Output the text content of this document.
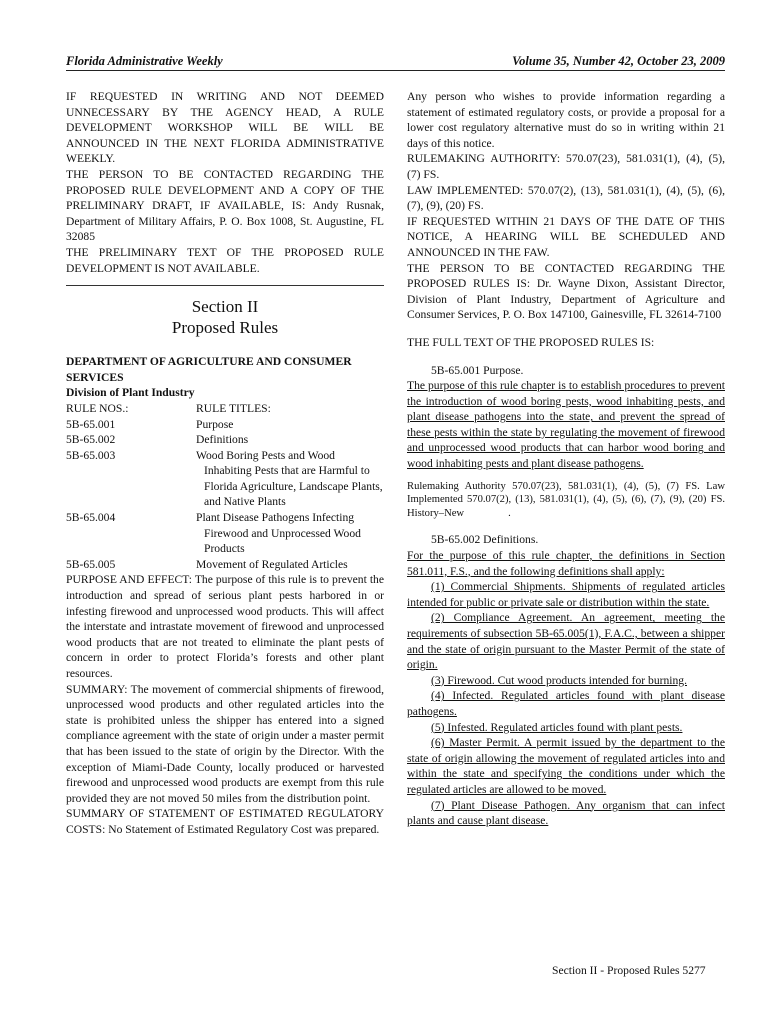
Florida Administrative Weekly	Volume 35, Number 42, October 23, 2009

IF REQUESTED IN WRITING AND NOT DEEMED UNNECESSARY BY THE AGENCY HEAD, A RULE DEVELOPMENT WORKSHOP WILL BE WILL BE ANNOUNCED IN THE NEXT FLORIDA ADMINISTRATIVE WEEKLY.

THE PERSON TO BE CONTACTED REGARDING THE PROPOSED RULE DEVELOPMENT AND A COPY OF THE PRELIMINARY DRAFT, IF AVAILABLE, IS: Andy Rusnak, Department of Military Affairs, P. O. Box 1008, St. Augustine, FL 32085

THE PRELIMINARY TEXT OF THE PROPOSED RULE DEVELOPMENT IS NOT AVAILABLE.

Section II
Proposed Rules

DEPARTMENT OF AGRICULTURE AND CONSUMER SERVICES

Division of Plant Industry

RULE NOS.:	RULE TITLES:
5B-65.001	Purpose
5B-65.002	Definitions
5B-65.003	Wood Boring Pests and Wood Inhabiting Pests that are Harmful to Florida Agriculture, Landscape Plants, and Native Plants
5B-65.004	Plant Disease Pathogens Infecting Firewood and Unprocessed Wood Products
5B-65.005	Movement of Regulated Articles

PURPOSE AND EFFECT: The purpose of this rule is to prevent the introduction and spread of serious plant pests harbored in or infesting firewood and unprocessed wood products. This will affect the interstate and intrastate movement of firewood and unprocessed wood products that are not treated to eliminate the plant pests of concern in order to protect Florida’s forests and other plant resources.

SUMMARY: The movement of commercial shipments of firewood, unprocessed wood products and other regulated articles into the state is prohibited unless the shipper has entered into a signed compliance agreement with the state of origin under a master permit that has been issued to the state of origin by the Director. With the exception of Miami-Dade County, locally produced or harvested firewood and unprocessed wood products are exempt from this rule provided they are not moved 50 miles from the distribution point.

SUMMARY OF STATEMENT OF ESTIMATED REGULATORY COSTS: No Statement of Estimated Regulatory Cost was prepared.

Any person who wishes to provide information regarding a statement of estimated regulatory costs, or provide a proposal for a lower cost regulatory alternative must do so in writing within 21 days of this notice.

RULEMAKING AUTHORITY: 570.07(23), 581.031(1), (4), (5), (7) FS.

LAW IMPLEMENTED: 570.07(2), (13), 581.031(1), (4), (5), (6), (7), (9), (20) FS.

IF REQUESTED WITHIN 21 DAYS OF THE DATE OF THIS NOTICE, A HEARING WILL BE SCHEDULED AND ANNOUNCED IN THE FAW.

THE PERSON TO BE CONTACTED REGARDING THE PROPOSED RULES IS: Dr. Wayne Dixon, Assistant Director, Division of Plant Industry, Department of Agriculture and Consumer Services, P. O. Box 147100, Gainesville, FL 32614-7100

THE FULL TEXT OF THE PROPOSED RULES IS:

5B-65.001 Purpose.

The purpose of this rule chapter is to establish procedures to prevent the introduction of wood boring pests, wood inhabiting pests, and plant disease pathogens into the state, and prevent the spread of these pests within the state by regulating the movement of firewood and unprocessed wood products that can harbor wood boring and wood inhabiting pests and plant disease pathogens.

Rulemaking Authority 570.07(23), 581.031(1), (4), (5), (7) FS. Law Implemented 570.07(2), (13), 581.031(1), (4), (5), (6), (7), (9), (20) FS. History–New	.

5B-65.002 Definitions.

For the purpose of this rule chapter, the definitions in Section 581.011, F.S., and the following definitions shall apply:

(1) Commercial Shipments. Shipments of regulated articles intended for public or private sale or distribution within the state.

(2) Compliance Agreement. An agreement, meeting the requirements of subsection 5B-65.005(1), F.A.C., between a shipper and the state of origin pursuant to the Master Permit of the state of origin.

(3) Firewood. Cut wood products intended for burning.

(4) Infected. Regulated articles found with plant disease pathogens.

(5) Infested. Regulated articles found with plant pests.

(6) Master Permit. A permit issued by the department to the state of origin allowing the movement of regulated articles into and within the state and specifying the conditions under which the regulated articles are allowed to be moved.

(7) Plant Disease Pathogen. Any organism that can infect plants and cause plant disease.

Section II - Proposed Rules 5277
